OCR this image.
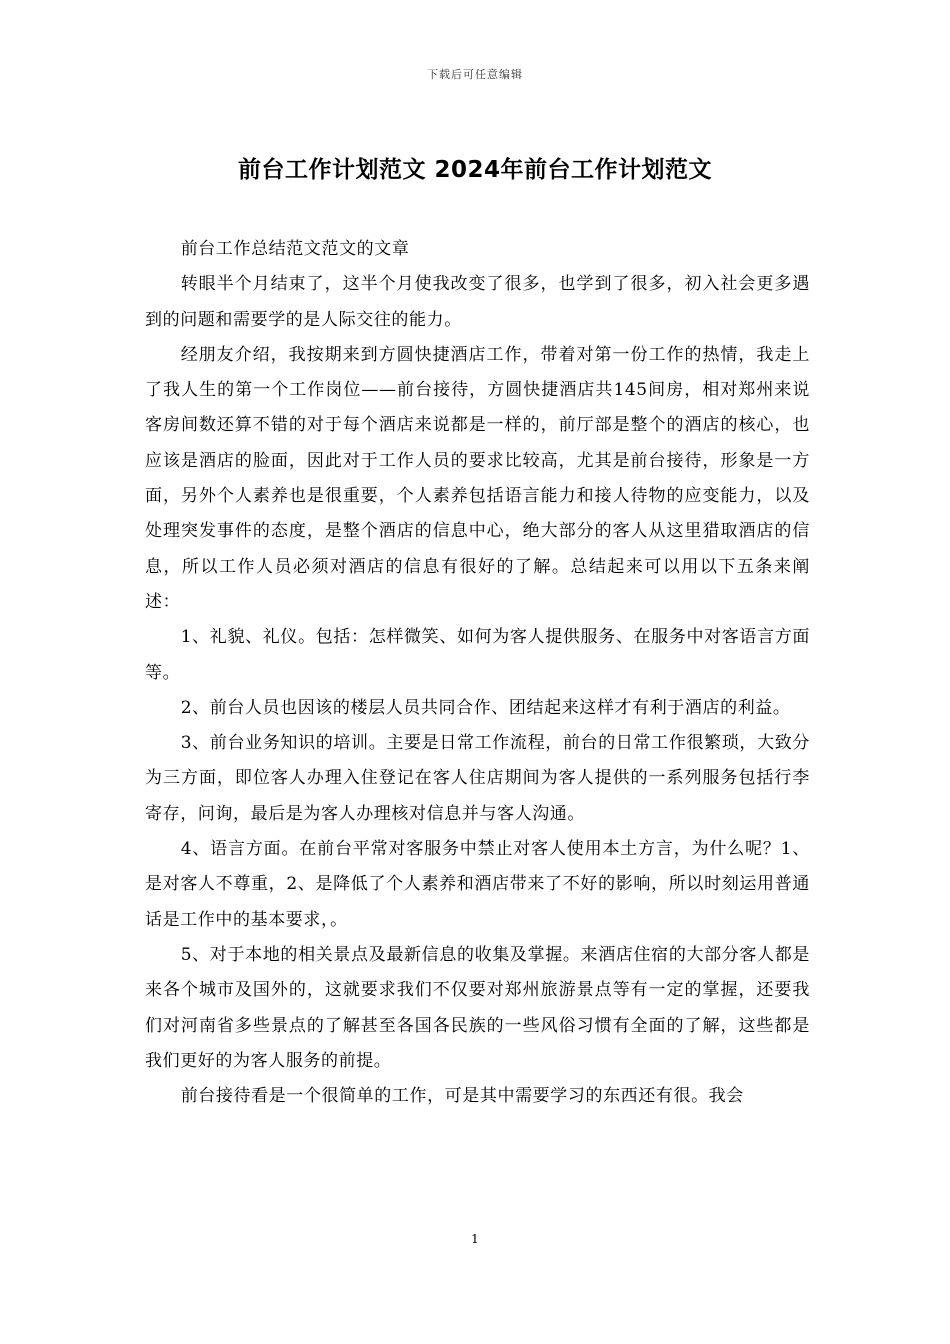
下载后可任意编辑
前台工作计划范文 2024年前台工作计划范文

前台工作总结范文范文的文章

转眼半个月结束了，这半个月使我改变了很多，也学到了很多，初入社会更多遇到的问题和需要学的是人际交往的能力。

经朋友介绍，我按期来到方圆快捷酒店工作，带着对第一份工作的热情，我走上了我人生的第一个工作岗位——前台接待，方圆快捷酒店共145间房，相对郑州来说客房间数还算不错的对于每个酒店来说都是一样的，前厅部是整个的酒店的核心，也应该是酒店的脸面，因此对于工作人员的要求比较高，尤其是前台接待，形象是一方面，另外个人素养也是很重要，个人素养包括语言能力和接人待物的应变能力，以及处理突发事件的态度，是整个酒店的信息中心，绝大部分的客人从这里猎取酒店的信息，所以工作人员必须对酒店的信息有很好的了解。总结起来可以用以下五条来阐述：

1、礼貌、礼仪。包括：怎样微笑、如何为客人提供服务、在服务中对客语言方面等。

2、前台人员也因该的楼层人员共同合作、团结起来这样才有利于酒店的利益。

3、前台业务知识的培训。主要是日常工作流程，前台的日常工作很繁琐，大致分为三方面，即位客人办理入住登记在客人住店期间为客人提供的一系列服务包括行李寄存，问询，最后是为客人办理核对信息并与客人沟通。

4、语言方面。在前台平常对客服务中禁止对客人使用本土方言，为什么呢？1、是对客人不尊重，2、是降低了个人素养和酒店带来了不好的影响，所以时刻运用普通话是工作中的基本要求，。

5、对于本地的相关景点及最新信息的收集及掌握。来酒店住宿的大部分客人都是来各个城市及国外的，这就要求我们不仅要对郑州旅游景点等有一定的掌握，还要我们对河南省多些景点的了解甚至各国各民族的一些风俗习惯有全面的了解，这些都是我们更好的为客人服务的前提。

前台接待看是一个很简单的工作，可是其中需要学习的东西还有很。我会

1
